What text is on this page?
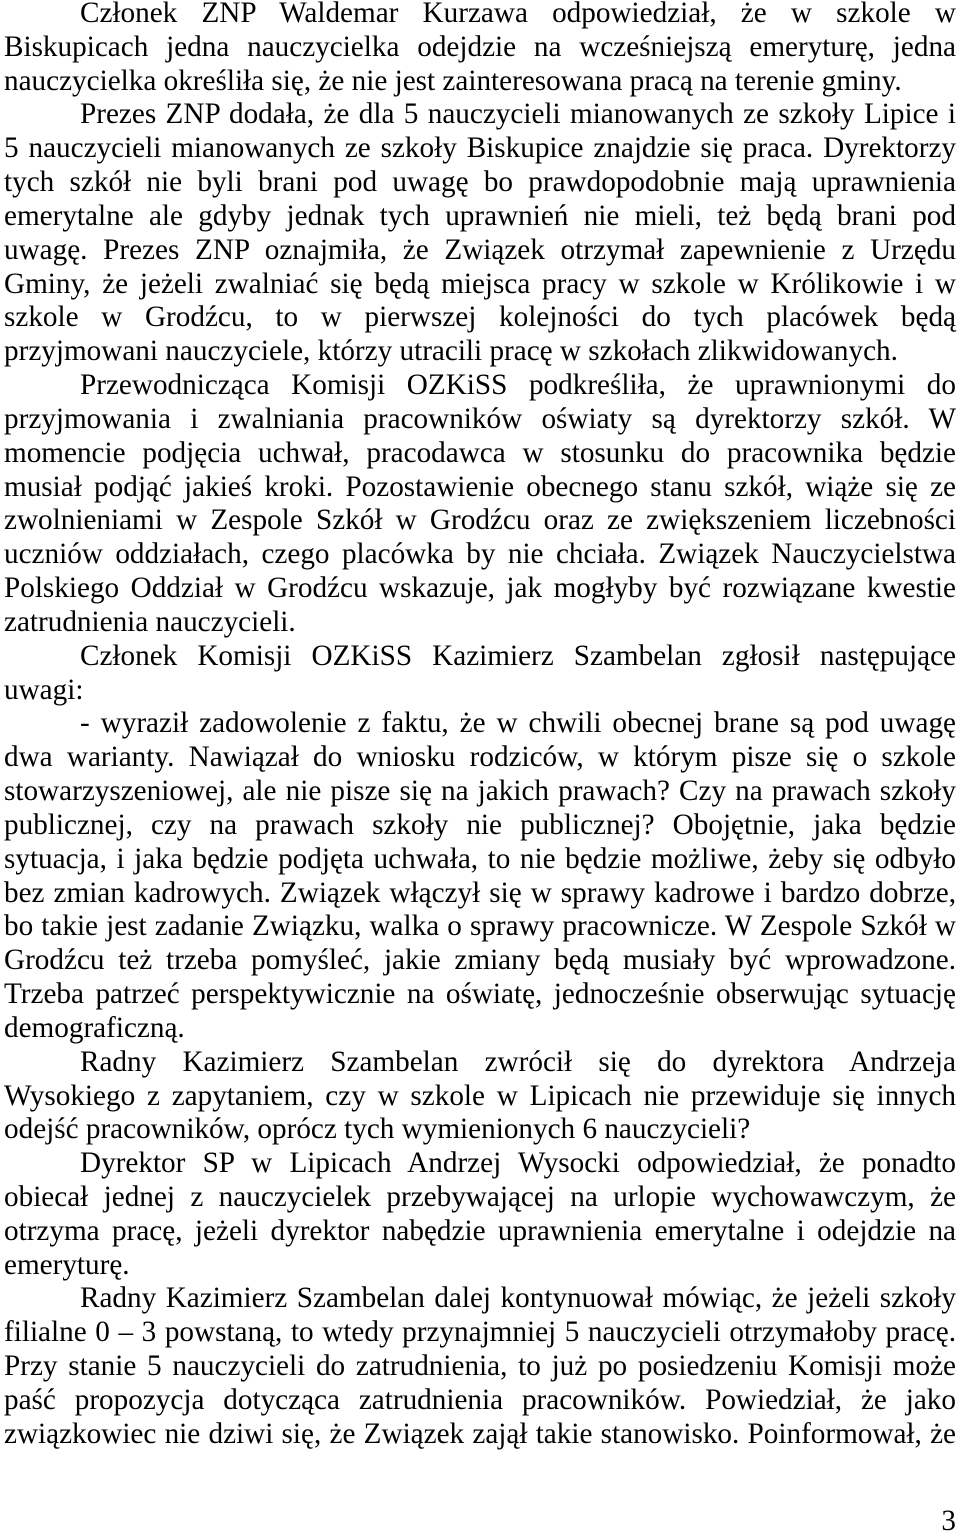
Członek ZNP Waldemar Kurzawa odpowiedział, że w szkole w
Biskupicach jedna nauczycielka odejdzie na wcześniejszą emeryturę, jedna
nauczycielka określiła się, że nie jest zainteresowana pracą na terenie gminy.

Prezes ZNP dodała, że dla 5 nauczycieli mianowanych ze szkoły Lipice i
5 nauczycieli mianowanych ze szkoły Biskupice znajdzie się praca. Dyrektorzy
tych szkół nie byli brani pod uwagę bo prawdopodobnie mają uprawnienia
emerytalne ale gdyby jednak tych uprawnień nie mieli, też będą brani pod
uwagę. Prezes ZNP oznajmiła, że Związek otrzymał zapewnienie z Urzędu
Gminy, że jeżeli zwalniać się będą miejsca pracy w szkole w Królikowie i w
szkole w Grodźcu, to w pierwszej kolejności do tych placówek będą
przyjmowani nauczyciele, którzy utracili pracę w szkołach zlikwidowanych.

Przewodnicząca Komisji OZKiSS podkreśliła, że uprawnionymi do
przyjmowania i zwalniania pracowników oświaty są dyrektorzy szkół. W
momencie podjęcia uchwał, pracodawca w stosunku do pracownika będzie
musiał podjąć jakieś kroki. Pozostawienie obecnego stanu szkół, wiąże się ze
zwolnieniami w Zespole Szkół w Grodźcu oraz ze zwiększeniem liczebności
uczniów oddziałach, czego placówka by nie chciała. Związek Nauczycielstwa
Polskiego Oddział w Grodźcu wskazuje, jak mogłyby być rozwiązane kwestie
zatrudnienia nauczycieli.

Członek Komisji OZKiSS Kazimierz Szambelan zgłosił następujące
uwagi:

- wyraził zadowolenie z faktu, że w chwili obecnej brane są pod uwagę
dwa warianty. Nawiązał do wniosku rodziców, w którym pisze się o szkole
stowarzyszeniowej, ale nie pisze się na jakich prawach? Czy na prawach szkoły
publicznej, czy na prawach szkoły nie publicznej? Obojętnie, jaka będzie
sytuacja, i jaka będzie podjęta uchwała, to nie będzie możliwe, żeby się odbyło
bez zmian kadrowych. Związek włączył się w sprawy kadrowe i bardzo dobrze,
bo takie jest zadanie Związku, walka o sprawy pracownicze. W Zespole Szkół w
Grodźcu też trzeba pomyśleć, jakie zmiany będą musiały być wprowadzone.
Trzeba patrzeć perspektywicznie na oświatę, jednocześnie obserwując sytuację
demograficzną.

Radny Kazimierz Szambelan zwrócił się do dyrektora Andrzeja
Wysokiego z zapytaniem, czy w szkole w Lipicach nie przewiduje się innych
odejść pracowników, oprócz tych wymienionych 6 nauczycieli?

Dyrektor SP w Lipicach Andrzej Wysocki odpowiedział, że ponadto
obiecał jednej z nauczycielek przebywającej na urlopie wychowawczym, że
otrzyma pracę, jeżeli dyrektor nabędzie uprawnienia emerytalne i odejdzie na
emeryturę.

Radny Kazimierz Szambelan dalej kontynuował mówiąc, że jeżeli szkoły
filialne 0 – 3 powstaną, to wtedy przynajmniej 5 nauczycieli otrzymałoby pracę.
Przy stanie 5 nauczycieli do zatrudnienia, to już po posiedzeniu Komisji może
paść propozycja dotycząca zatrudnienia pracowników. Powiedział, że jako
związkowiec nie dziwi się, że Związek zajął takie stanowisko. Poinformował, że

3
